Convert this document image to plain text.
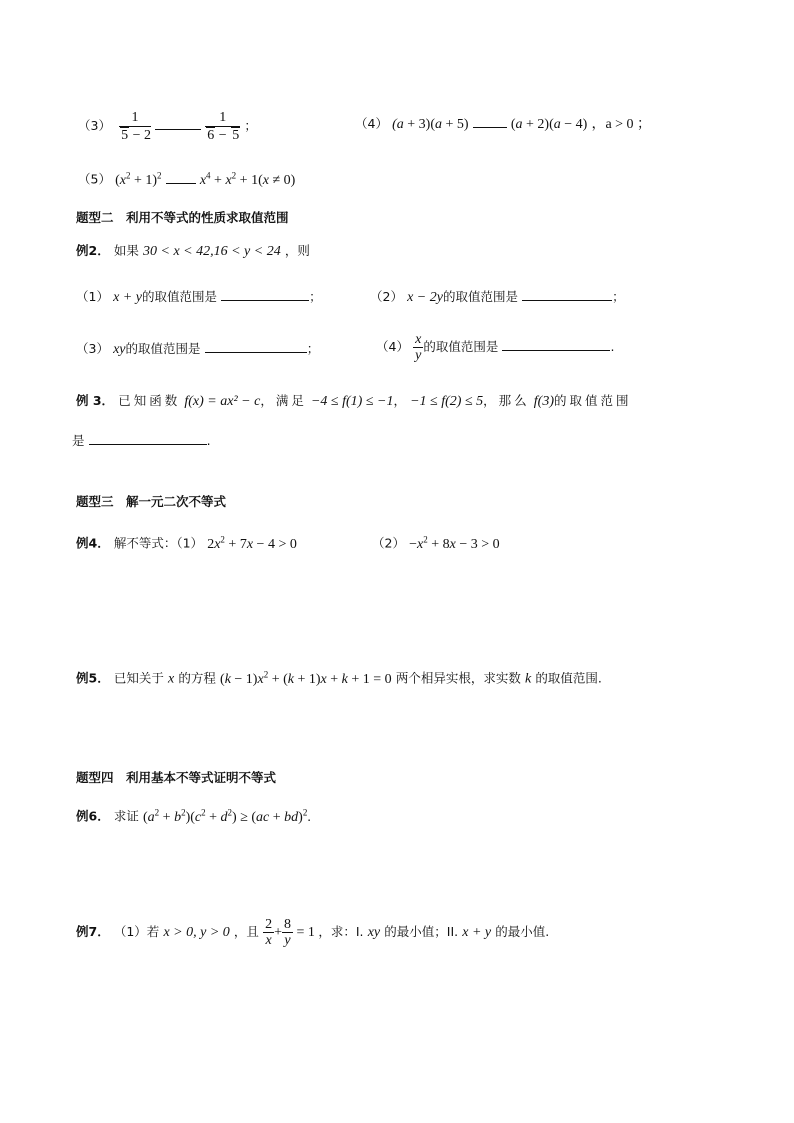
$(3) \frac{1}{5 - 2}$
	$\frac{1}{6 - 5}$ ；	（4） (a + 3)(a + 5)	(a + 2)(a − 4) ，a > 0 ；
（5） $(x^2 + 1)^2$	$x^4 + x^2 + 1(x \ne 0)$
题型二　利用不等式的性质求取值范围
例2． 如果 30 < x < 42,16 < y < 24 ，则
（1） x + y的取值范围是	；	（2） x − 2y的取值范围是	；
（3） xy的取值范围是	；	$(4) \frac{x}{y}$ 的取值范围是	.
例 3． 已知函数 f(x) = ax² − c，满足 −4 ≤ f(1) ≤ −1， −1 ≤ f(2) ≤ 5，那么 f(3)的取值范围
是	.
题型三　解一元二次不等式
例4． 解不等式：（1） $2x^2 + 7x - 4 > 0$	$(2) -x^2 + 8x - 3 > 0$
例5． 已知关于 x 的方程 $(k - 1)x^2 + (k + 1)x + k + 1 = 0$ 两个相异实根，求实数 k 的取值范围.
题型四　利用基本不等式证明不等式
例6． 求证 $(a^2 + b^2)(c^2 + d^2) \ge (ac + bd)^2$.
例7． （1）若 x > 0, y > 0 ，且 $\frac{2}{x} + \frac{8}{y} = 1$ ，求：I. xy 的最小值；II. x + y 的最小值.
